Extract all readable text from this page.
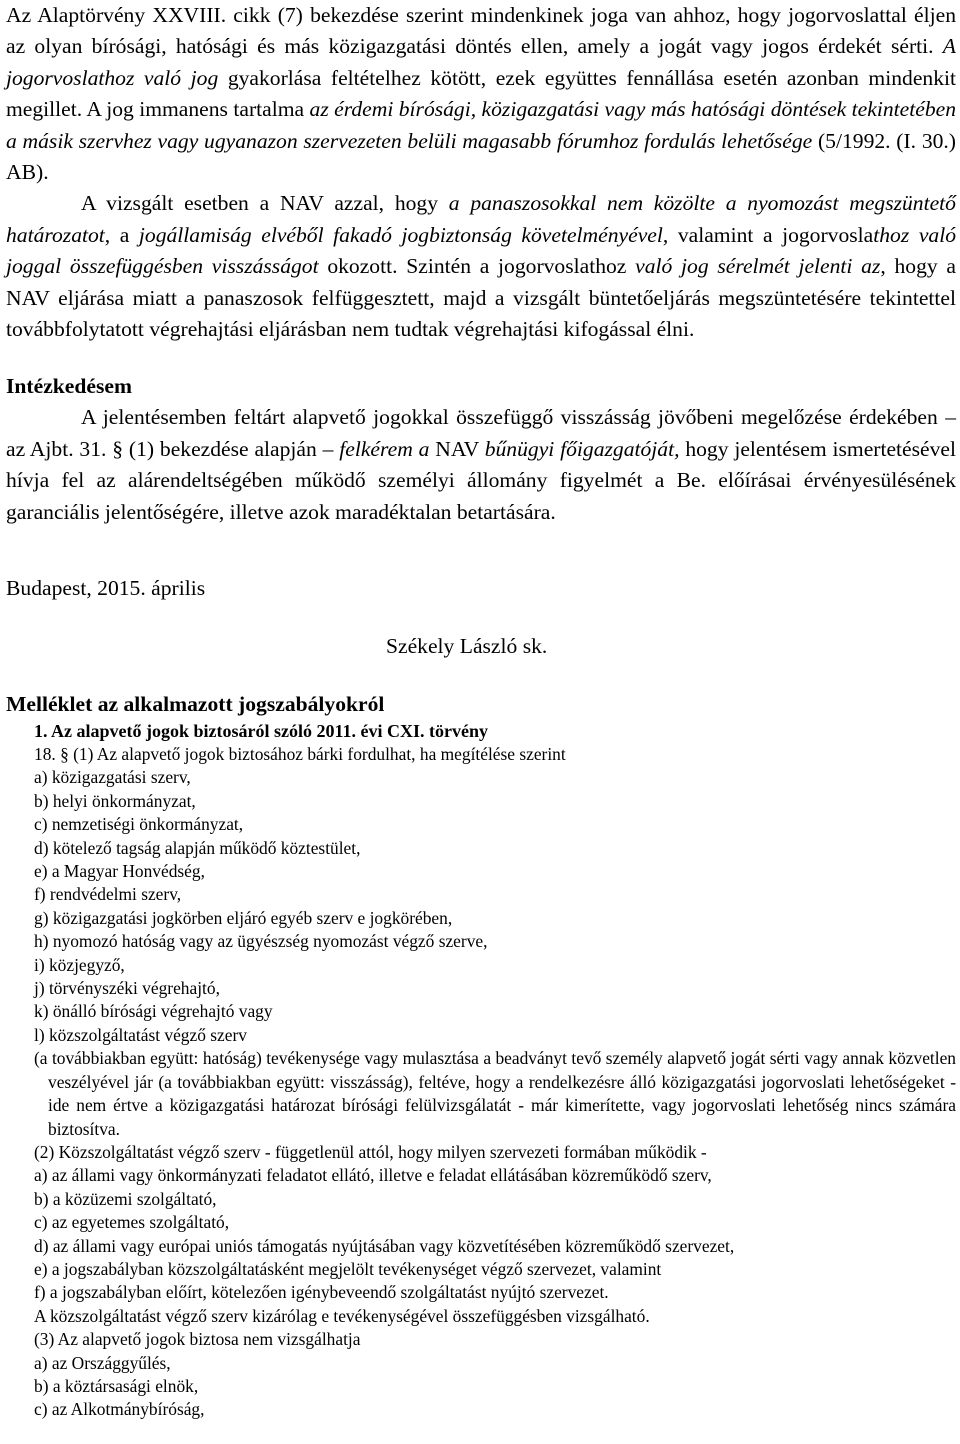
Az Alaptörvény XXVIII. cikk (7) bekezdése szerint mindenkinek joga van ahhoz, hogy jogorvoslattal éljen az olyan bírósági, hatósági és más közigazgatási döntés ellen, amely a jogát vagy jogos érdekét sérti. A jogorvoslathoz való jog gyakorlása feltételhez kötött, ezek együttes fennállása esetén azonban mindenkit megillet. A jog immanens tartalma az érdemi bírósági, közigazgatási vagy más hatósági döntések tekintetében a másik szervhez vagy ugyanazon szervezeten belüli magasabb fórumhoz fordulás lehetősége (5/1992. (I. 30.) AB).

A vizsgált esetben a NAV azzal, hogy a panaszosokkal nem közölte a nyomozást megszüntető határozatot, a jogállamiság elvéből fakadó jogbiztonság követelményével, valamint a jogorvoslathoz való joggal összefüggésben visszásságot okozott. Szintén a jogorvoslathoz való jog sérelmét jelenti az, hogy a NAV eljárása miatt a panaszosok felfüggesztett, majd a vizsgált büntetőeljárás megszüntetésére tekintettel továbbfolytatott végrehajtási eljárásban nem tudtak végrehajtási kifogással élni.

Intézkedésem

A jelentésemben feltárt alapvető jogokkal összefüggő visszásság jövőbeni megelőzése érdekében – az Ajbt. 31. § (1) bekezdése alapján – felkérem a NAV bűnügyi főigazgatóját, hogy jelentésem ismertetésével hívja fel az alárendeltségében működő személyi állomány figyelmét a Be. előírásai érvényesülésének garanciális jelentőségére, illetve azok maradéktalan betartására.

Budapest, 2015. április

Székely László sk.

Melléklet az alkalmazott jogszabályokról

1. Az alapvető jogok biztosáról szóló 2011. évi CXI. törvény

18. § (1) Az alapvető jogok biztosához bárki fordulhat, ha megítélése szerint
a) közigazgatási szerv,
b) helyi önkormányzat,
c) nemzetiségi önkormányzat,
d) kötelező tagság alapján működő köztestület,
e) a Magyar Honvédség,
f) rendvédelmi szerv,
g) közigazgatási jogkörben eljáró egyéb szerv e jogkörében,
h) nyomozó hatóság vagy az ügyészség nyomozást végző szerve,
i) közjegyző,
j) törvényszéki végrehajtó,
k) önálló bírósági végrehajtó vagy
l) közszolgáltatást végző szerv
(a továbbiakban együtt: hatóság) tevékenysége vagy mulasztása a beadványt tevő személy alapvető jogát sérti vagy annak közvetlen veszélyével jár (a továbbiakban együtt: visszásság), feltéve, hogy a rendelkezésre álló közigazgatási jogorvoslati lehetőségeket - ide nem értve a közigazgatási határozat bírósági felülvizsgálatát - már kimerítette, vagy jogorvoslati lehetőség nincs számára biztosítva.
(2) Közszolgáltatást végző szerv - függetlenül attól, hogy milyen szervezeti formában működik -
a) az állami vagy önkormányzati feladatot ellátó, illetve e feladat ellátásában közreműködő szerv,
b) a közüzemi szolgáltató,
c) az egyetemes szolgáltató,
d) az állami vagy európai uniós támogatás nyújtásában vagy közvetítésében közreműködő szervezet,
e) a jogszabályban közszolgáltatásként megjelölt tevékenységet végző szervezet, valamint
f) a jogszabályban előírt, kötelezően igénybeveendő szolgáltatást nyújtó szervezet.
A közszolgáltatást végző szerv kizárólag e tevékenységével összefüggésben vizsgálható.
(3) Az alapvető jogok biztosa nem vizsgálhatja
a) az Országgyűlés,
b) a köztársasági elnök,
c) az Alkotmánybíróság,
